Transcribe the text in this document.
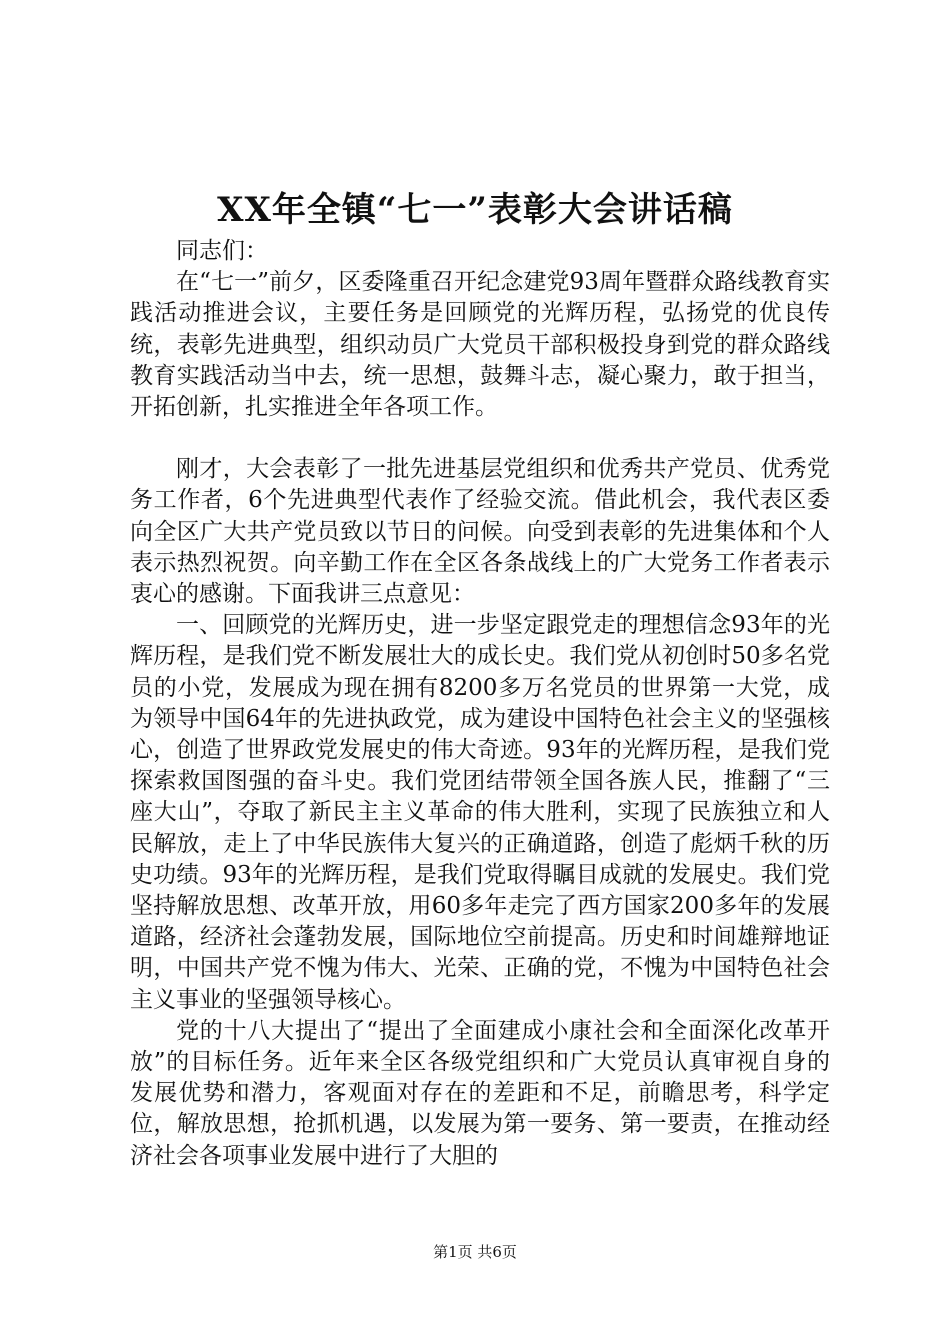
XX年全镇“七一”表彰大会讲话稿

同志们：

在“七一”前夕，区委隆重召开纪念建党93周年暨群众路线教育实践活动推进会议，主要任务是回顾党的光辉历程，弘扬党的优良传统，表彰先进典型，组织动员广大党员干部积极投身到党的群众路线教育实践活动当中去，统一思想，鼓舞斗志，凝心聚力，敢于担当，开拓创新，扎实推进全年各项工作。

刚才，大会表彰了一批先进基层党组织和优秀共产党员、优秀党务工作者，6个先进典型代表作了经验交流。借此机会，我代表区委向全区广大共产党员致以节日的问候。向受到表彰的先进集体和个人表示热烈祝贺。向辛勤工作在全区各条战线上的广大党务工作者表示衷心的感谢。下面我讲三点意见：

一、回顾党的光辉历史，进一步坚定跟党走的理想信念93年的光辉历程，是我们党不断发展壮大的成长史。我们党从初创时50多名党员的小党，发展成为现在拥有8200多万名党员的世界第一大党，成为领导中国64年的先进执政党，成为建设中国特色社会主义的坚强核心，创造了世界政党发展史的伟大奇迹。93年的光辉历程，是我们党探索救国图强的奋斗史。我们党团结带领全国各族人民，推翻了“三座大山”，夺取了新民主主义革命的伟大胜利，实现了民族独立和人民解放，走上了中华民族伟大复兴的正确道路，创造了彪炳千秋的历史功绩。93年的光辉历程，是我们党取得瞩目成就的发展史。我们党坚持解放思想、改革开放，用60多年走完了西方国家200多年的发展道路，经济社会蓬勃发展，国际地位空前提高。历史和时间雄辩地证明，中国共产党不愧为伟大、光荣、正确的党，不愧为中国特色社会主义事业的坚强领导核心。

党的十八大提出了“提出了全面建成小康社会和全面深化改革开放”的目标任务。近年来全区各级党组织和广大党员认真审视自身的发展优势和潜力，客观面对存在的差距和不足，前瞻思考，科学定位，解放思想，抢抓机遇，以发展为第一要务、第一要责，在推动经济社会各项事业发展中进行了大胆的

第1页 共6页
